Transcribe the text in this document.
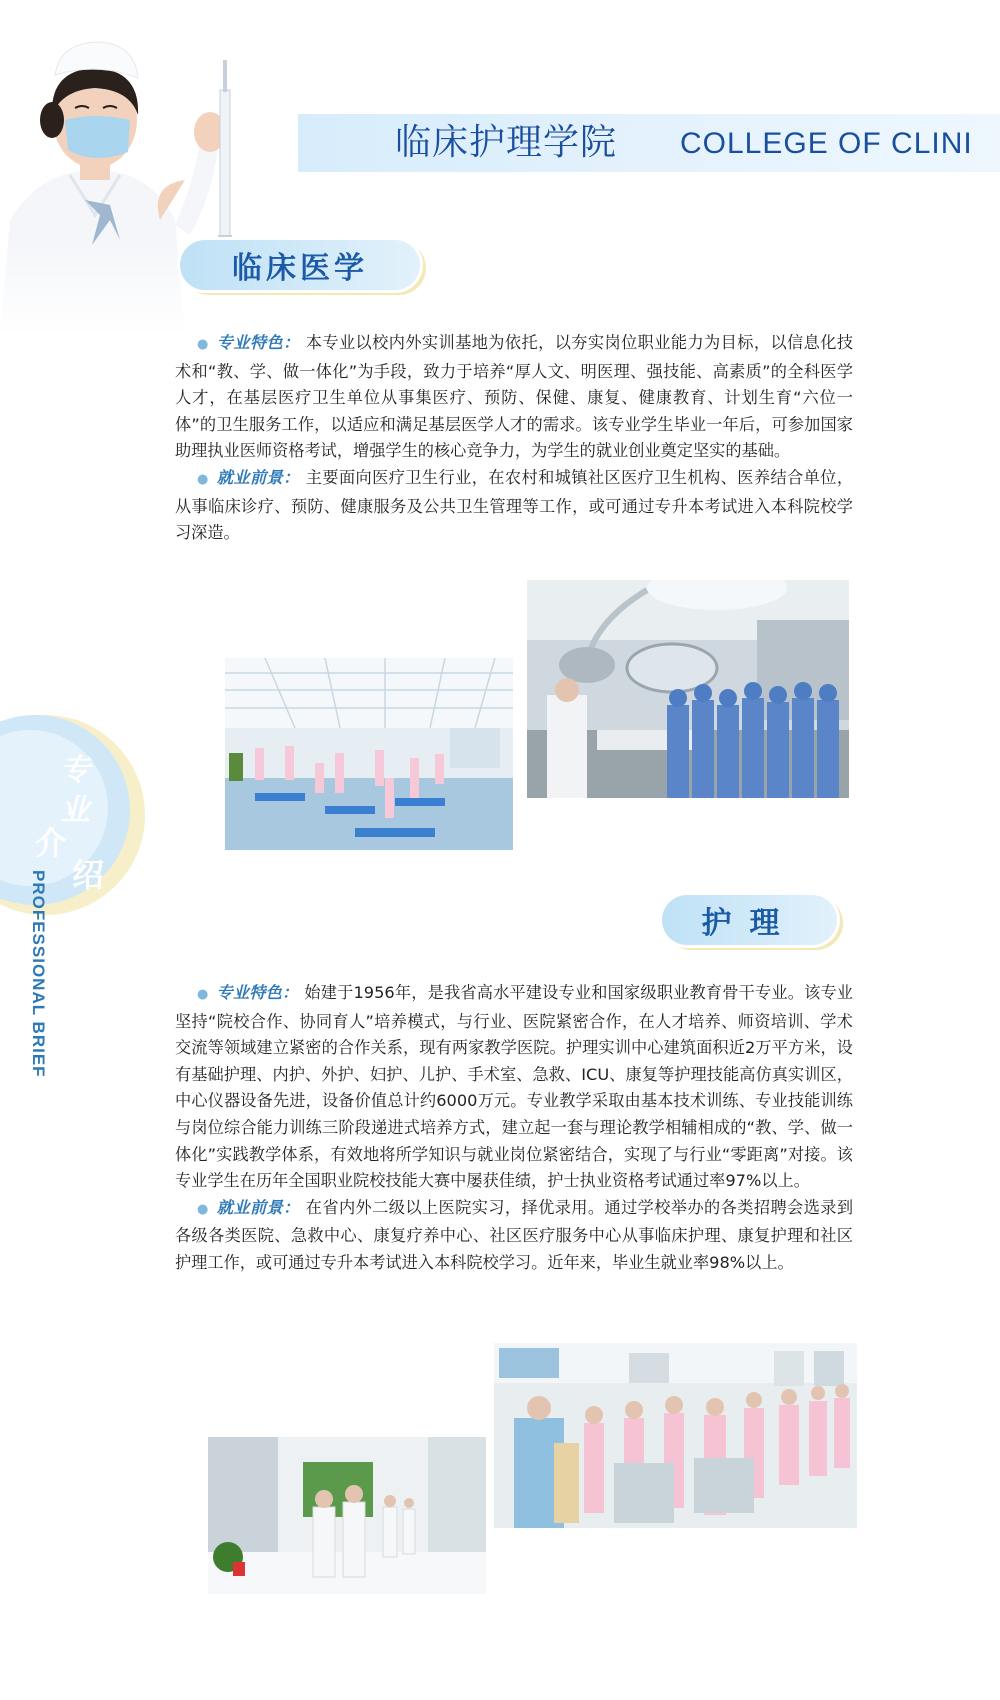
临床护理学院 COLLEGE OF CLINI
临床医学

● 专业特色： 本专业以校内外实训基地为依托，以夯实岗位职业能力为目标，以信息化技术和“教、学、做一体化”为手段，致力于培养“厚人文、明医理、强技能、高素质”的全科医学人才，在基层医疗卫生单位从事集医疗、预防、保健、康复、健康教育、计划生育“六位一体”的卫生服务工作，以适应和满足基层医学人才的需求。该专业学生毕业一年后，可参加国家助理执业医师资格考试，增强学生的核心竞争力，为学生的就业创业奠定坚实的基础。

● 就业前景： 主要面向医疗卫生行业，在农村和城镇社区医疗卫生机构、医养结合单位，从事临床诊疗、预防、健康服务及公共卫生管理等工作，或可通过专升本考试进入本科院校学习深造。

专
业
介
绍
PROFESSIONAL BRIEF	护理

● 专业特色： 始建于1956年，是我省高水平建设专业和国家级职业教育骨干专业。该专业坚持“院校合作、协同育人”培养模式，与行业、医院紧密合作，在人才培养、师资培训、学术交流等领域建立紧密的合作关系，现有两家教学医院。护理实训中心建筑面积近2万平方米，设有基础护理、内护、外护、妇护、儿护、手术室、急救、ICU、康复等护理技能高仿真实训区，中心仪器设备先进，设备价值总计约6000万元。专业教学采取由基本技术训练、专业技能训练与岗位综合能力训练三阶段递进式培养方式，建立起一套与理论教学相辅相成的“教、学、做一体化”实践教学体系，有效地将所学知识与就业岗位紧密结合，实现了与行业“零距离”对接。该专业学生在历年全国职业院校技能大赛中屡获佳绩，护士执业资格考试通过率97%以上。

● 就业前景： 在省内外二级以上医院实习，择优录用。通过学校举办的各类招聘会选录到各级各类医院、急救中心、康复疗养中心、社区医疗服务中心从事临床护理、康复护理和社区护理工作，或可通过专升本考试进入本科院校学习。近年来，毕业生就业率98%以上。
